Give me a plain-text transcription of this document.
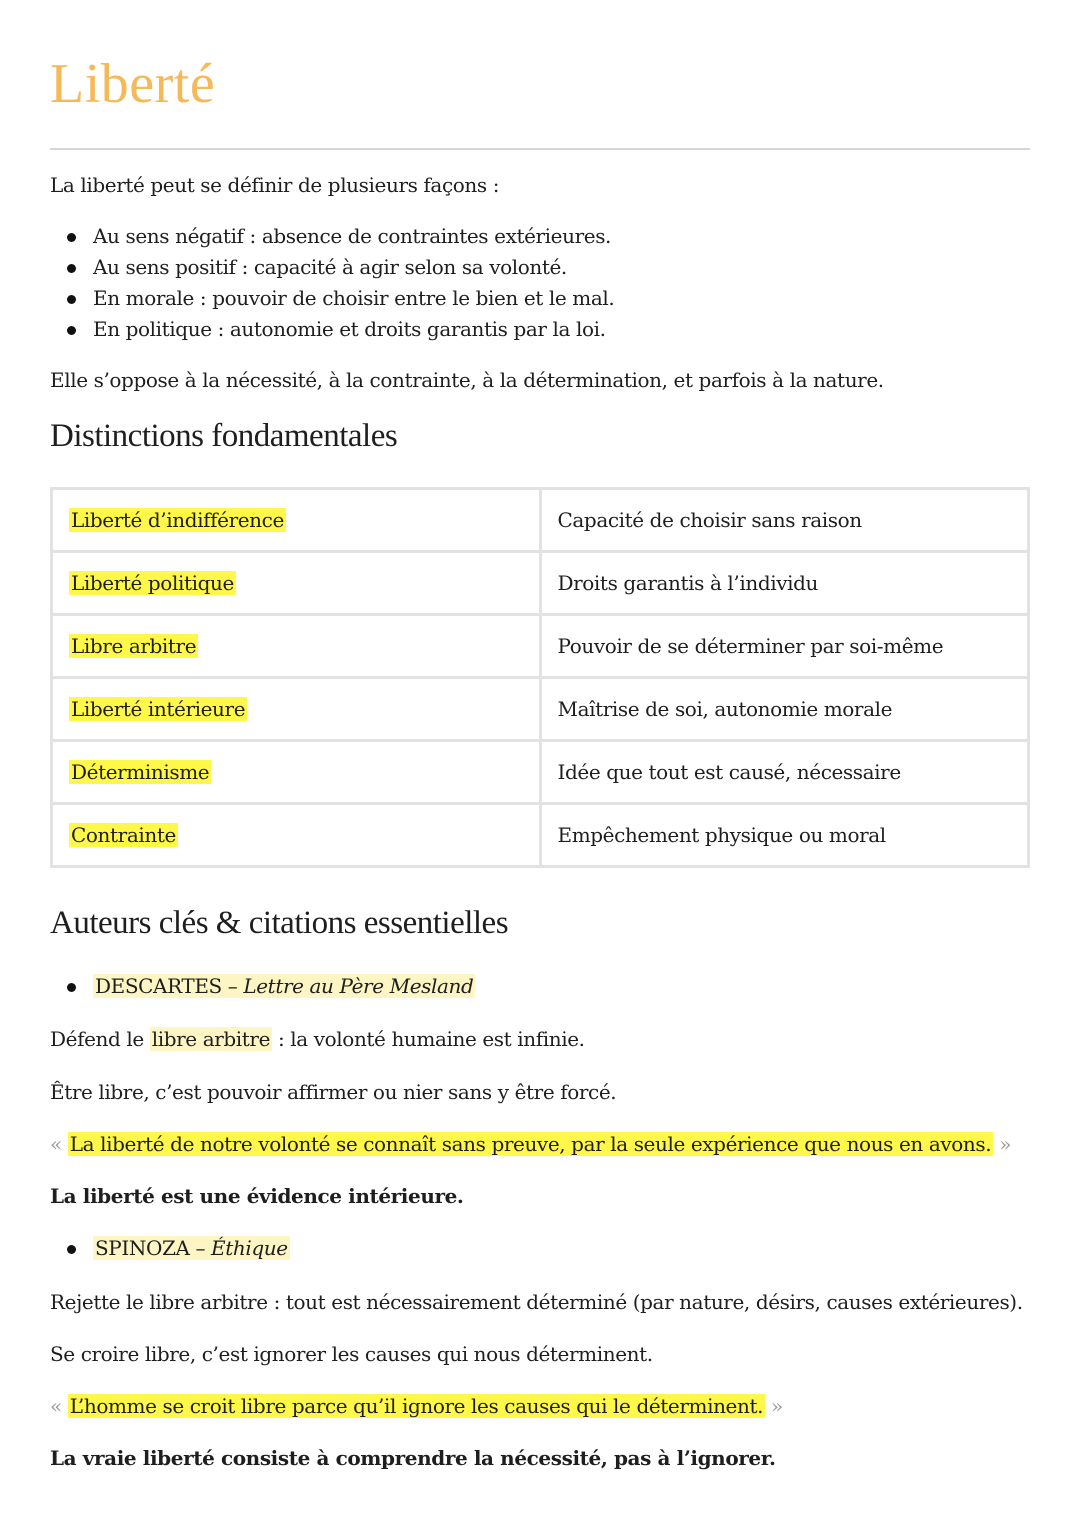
Liberté
La liberté peut se définir de plusieurs façons :
Au sens négatif : absence de contraintes extérieures.
Au sens positif : capacité à agir selon sa volonté.
En morale : pouvoir de choisir entre le bien et le mal.
En politique : autonomie et droits garantis par la loi.
Elle s’oppose à la nécessité, à la contrainte, à la détermination, et parfois à la nature.
Distinctions fondamentales
Liberté d’indifférence	Capacité de choisir sans raison
Liberté politique	Droits garantis à l’individu
Libre arbitre	Pouvoir de se déterminer par soi-même
Liberté intérieure	Maîtrise de soi, autonomie morale
Déterminisme	Idée que tout est causé, nécessaire
Contrainte	Empêchement physique ou moral
Auteurs clés & citations essentielles
DESCARTES – Lettre au Père Mesland
Défend le libre arbitre : la volonté humaine est infinie.
Être libre, c’est pouvoir affirmer ou nier sans y être forcé.
« La liberté de notre volonté se connaît sans preuve, par la seule expérience que nous en avons. »
La liberté est une évidence intérieure.
SPINOZA – Éthique
Rejette le libre arbitre : tout est nécessairement déterminé (par nature, désirs, causes extérieures).
Se croire libre, c’est ignorer les causes qui nous déterminent.
« L’homme se croit libre parce qu’il ignore les causes qui le déterminent. »
La vraie liberté consiste à comprendre la nécessité, pas à l’ignorer.
